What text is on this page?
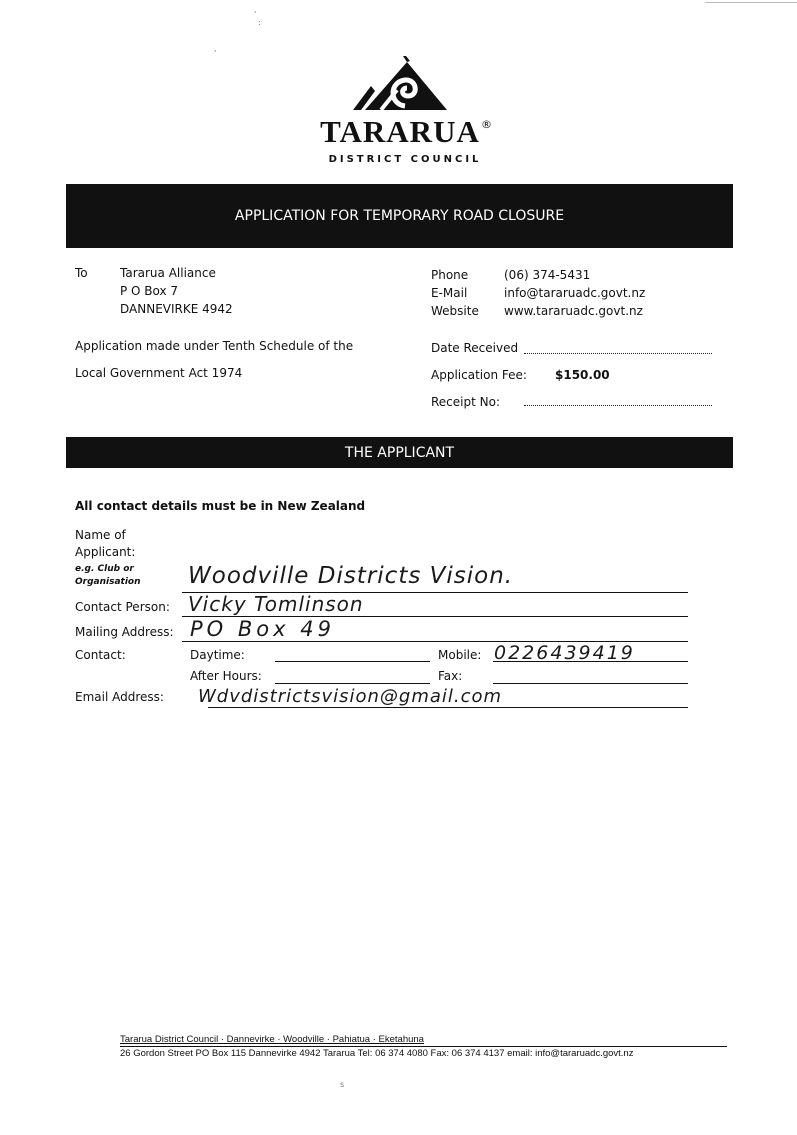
'
:
,
TARARUA ®
DISTRICT COUNCIL
APPLICATION FOR TEMPORARY ROAD CLOSURE
To	Tararua Alliance
P O Box 7
DANNEVIRKE 4942
Phone	(06) 374-5431
E-Mail	info@tararuadc.govt.nz
Website www.tararuadc.govt.nz
Application made under Tenth Schedule of the
Local Government Act 1974
Date Received
Application Fee: $150.00
Receipt No:
THE APPLICANT
All contact details must be in New Zealand
Name of
Applicant:
e.g. Club or
Organisation Woodville Districts Vision.
Contact Person: Vicky Tomlinson
Mailing Address: PO Box 49
Contact:	Daytime:	Mobile: 0226439419
After Hours:	Fax:
Email Address: Wdvdistrictsvision@gmail.com
Tararua District Council · Dannevirke · Woodville · Pahiatua · Eketahuna
26 Gordon Street PO Box 115 Dannevirke 4942 Tararua Tel: 06 374 4080 Fax: 06 374 4137 email: info@tararuadc.govt.nz
s
